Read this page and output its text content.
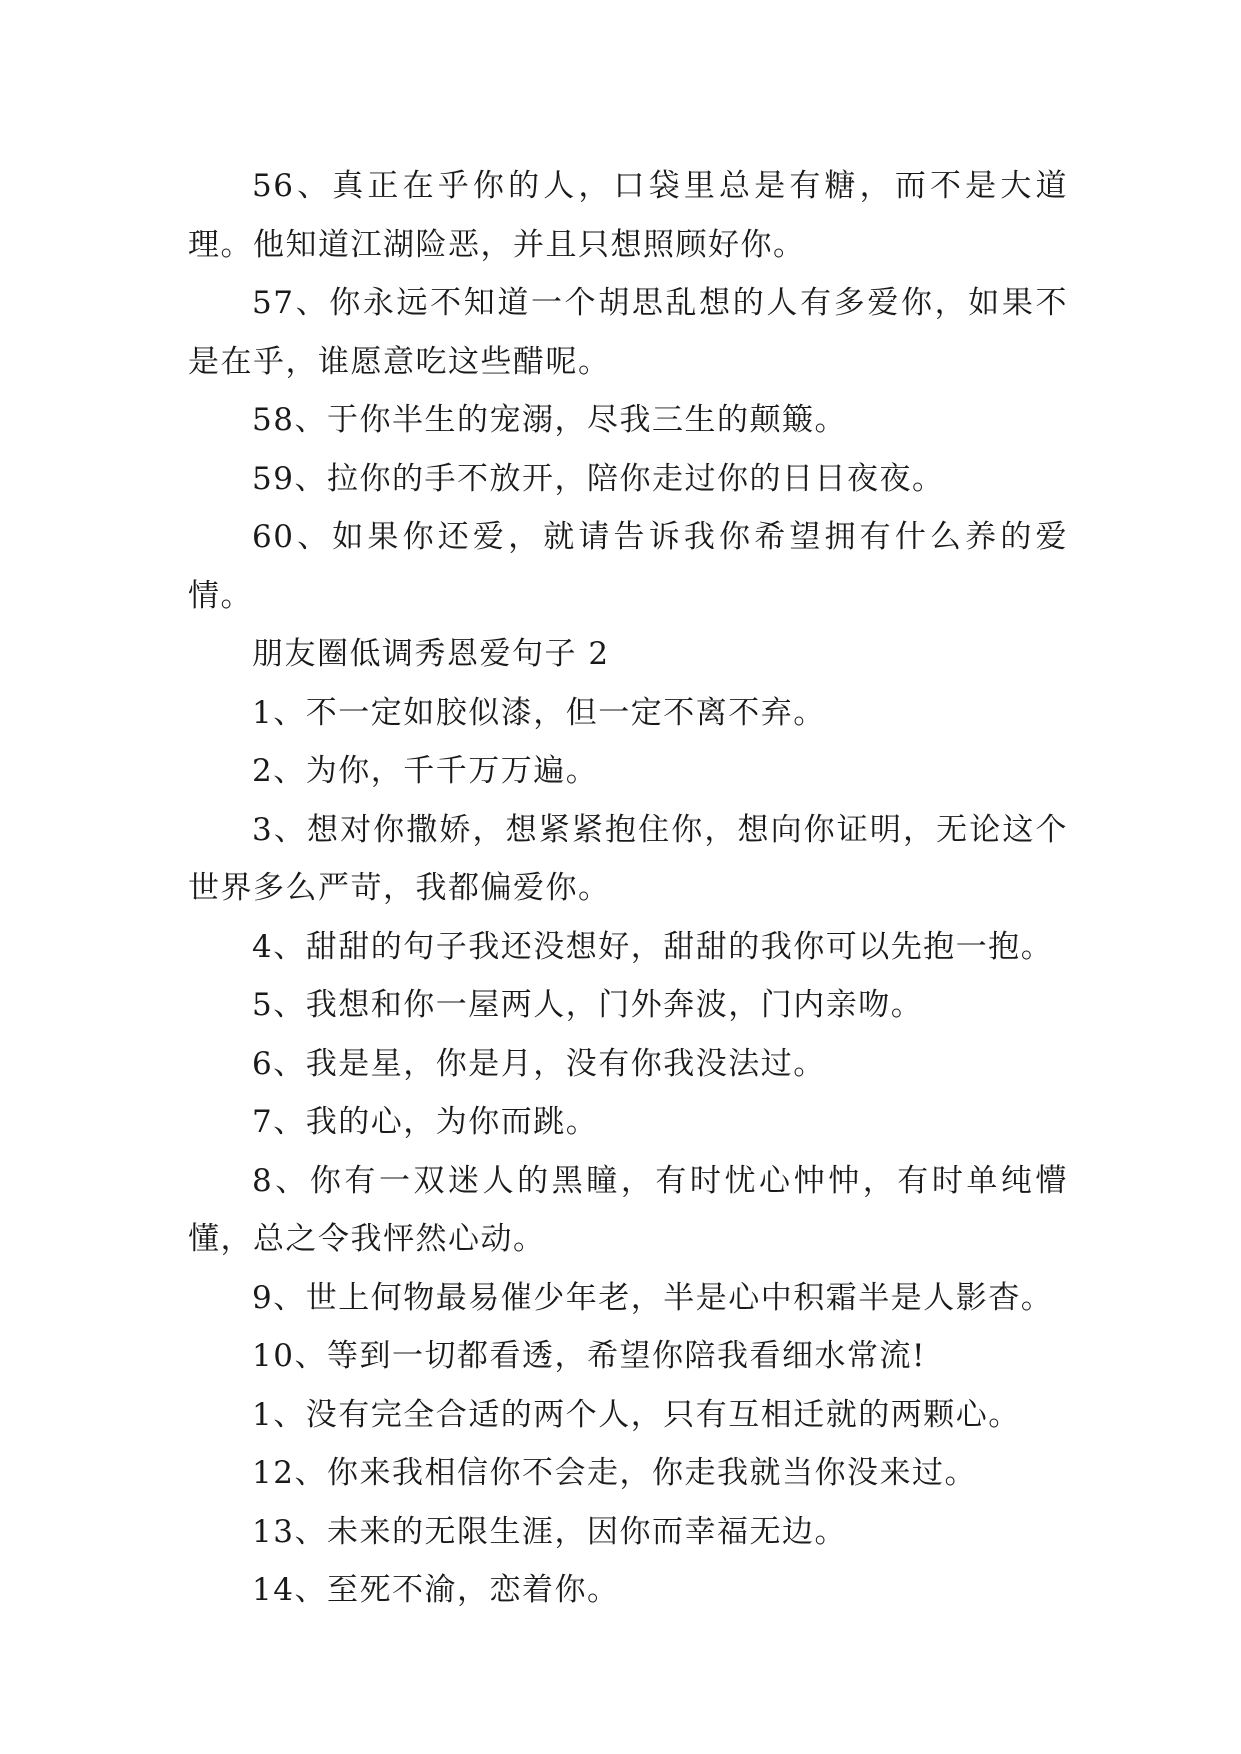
56、真正在乎你的人，口袋里总是有糖，而不是大道理。他知道江湖险恶，并且只想照顾好你。

57、你永远不知道一个胡思乱想的人有多爱你，如果不是在乎，谁愿意吃这些醋呢。

58、于你半生的宠溺，尽我三生的颠簸。

59、拉你的手不放开，陪你走过你的日日夜夜。

60、如果你还爱，就请告诉我你希望拥有什么养的爱情。

朋友圈低调秀恩爱句子 2

1、不一定如胶似漆，但一定不离不弃。

2、为你，千千万万遍。

3、想对你撒娇，想紧紧抱住你，想向你证明，无论这个世界多么严苛，我都偏爱你。

4、甜甜的句子我还没想好，甜甜的我你可以先抱一抱。

5、我想和你一屋两人，门外奔波，门内亲吻。

6、我是星，你是月，没有你我没法过。

7、我的心，为你而跳。

8、你有一双迷人的黑瞳，有时忧心忡忡，有时单纯懵懂，总之令我怦然心动。

9、世上何物最易催少年老，半是心中积霜半是人影杳。

10、等到一切都看透，希望你陪我看细水常流!

1、没有完全合适的两个人，只有互相迁就的两颗心。

12、你来我相信你不会走，你走我就当你没来过。

13、未来的无限生涯，因你而幸福无边。

14、至死不渝，恋着你。
